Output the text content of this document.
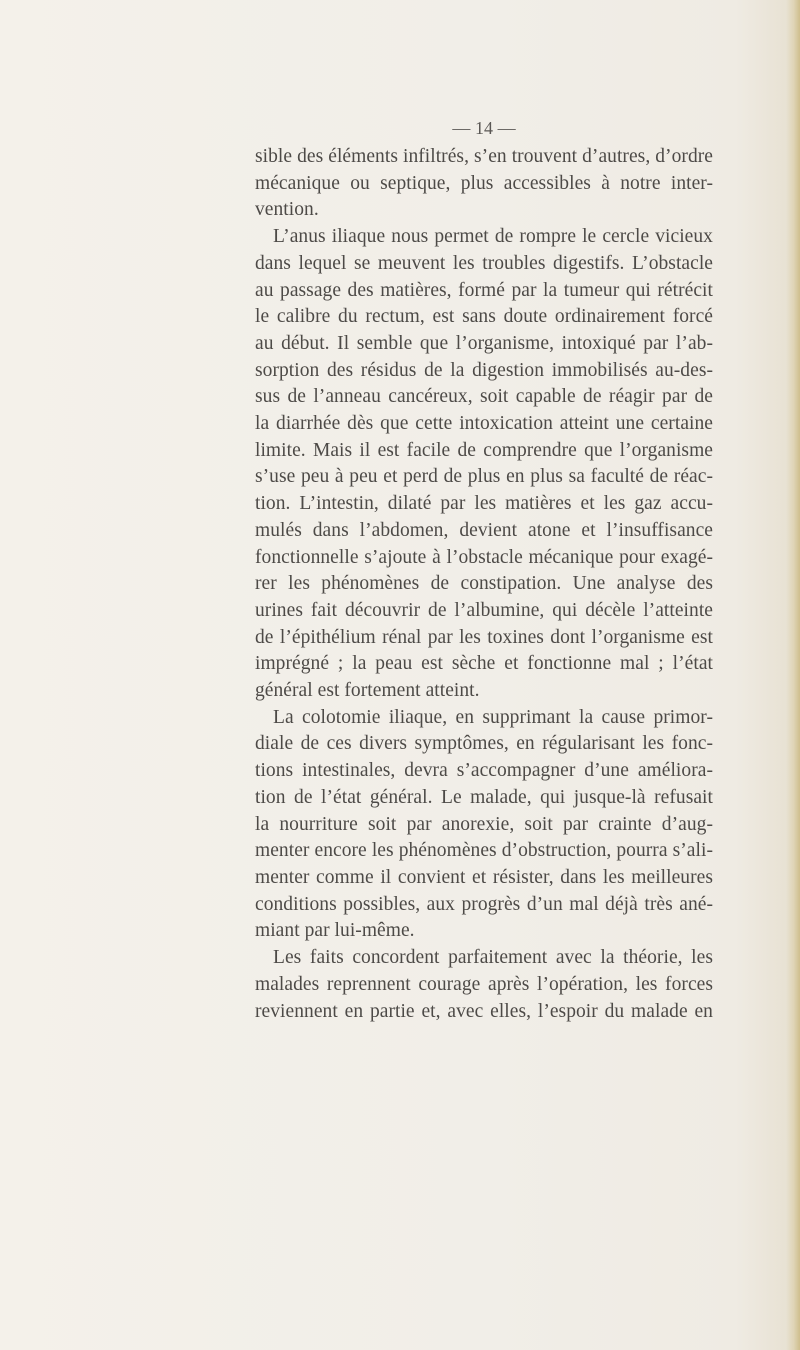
— 14 —
sible des éléments infiltrés, s’en trouvent d’autres, d’ordre
mécanique ou septique, plus accessibles à notre inter-
vention.
L’anus iliaque nous permet de rompre le cercle vicieux
dans lequel se meuvent les troubles digestifs. L’obstacle
au passage des matières, formé par la tumeur qui rétrécit
le calibre du rectum, est sans doute ordinairement forcé
au début. Il semble que l’organisme, intoxiqué par l’ab-
sorption des résidus de la digestion immobilisés au-des-
sus de l’anneau cancéreux, soit capable de réagir par de
la diarrhée dès que cette intoxication atteint une certaine
limite. Mais il est facile de comprendre que l’organisme
s’use peu à peu et perd de plus en plus sa faculté de réac-
tion. L’intestin, dilaté par les matières et les gaz accu-
mulés dans l’abdomen, devient atone et l’insuffisance
fonctionnelle s’ajoute à l’obstacle mécanique pour exagé-
rer les phénomènes de constipation. Une analyse des
urines fait découvrir de l’albumine, qui décèle l’atteinte
de l’épithélium rénal par les toxines dont l’organisme est
imprégné ; la peau est sèche et fonctionne mal ; l’état
général est fortement atteint.
La colotomie iliaque, en supprimant la cause primor-
diale de ces divers symptômes, en régularisant les fonc-
tions intestinales, devra s’accompagner d’une améliora-
tion de l’état général. Le malade, qui jusque-là refusait
la nourriture soit par anorexie, soit par crainte d’aug-
menter encore les phénomènes d’obstruction, pourra s’ali-
menter comme il convient et résister, dans les meilleures
conditions possibles, aux progrès d’un mal déjà très ané-
miant par lui-même.
Les faits concordent parfaitement avec la théorie, les
malades reprennent courage après l’opération, les forces
reviennent en partie et, avec elles, l’espoir du malade en
